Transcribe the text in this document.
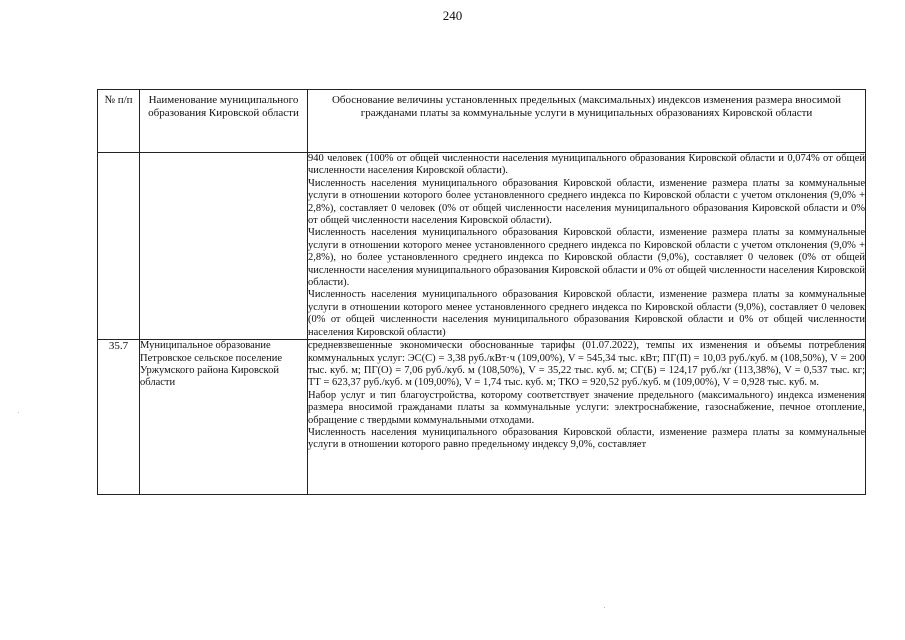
240
№ п/п	Наименование муниципального образования Кировской области	Обоснование величины установленных предельных (максимальных) индексов изменения размера вносимой гражданами платы за коммунальные услуги в муниципальных образованиях Кировской области

		940 человек (100% от общей численности населения муниципального образования Кировской области и 0,074% от общей численности населения Кировской области).

Численность населения муниципального образования Кировской области, изменение размера платы за коммунальные услуги в отношении которого более установленного среднего индекса по Кировской области с учетом отклонения (9,0% + 2,8%), составляет 0 человек (0% от общей численности населения муниципального образования Кировской области и 0% от общей численности населения Кировской области).

Численность населения муниципального образования Кировской области, изменение размера платы за коммунальные услуги в отношении которого менее установленного среднего индекса по Кировской области с учетом отклонения (9,0% + 2,8%), но более установленного среднего индекса по Кировской области (9,0%), составляет 0 человек (0% от общей численности населения муниципального образования Кировской области и 0% от общей численности населения Кировской области).

Численность населения муниципального образования Кировской области, изменение размера платы за коммунальные услуги в отношении которого менее установленного среднего индекса по Кировской области (9,0%), составляет 0 человек (0% от общей численности населения муниципального образования Кировской области и 0% от общей численности населения Кировской области)

35.7	Муниципальное образование Петровское сельское поселение Уржумского района Кировской области	средневзвешенные экономически обоснованные тарифы (01.07.2022), темпы их изменения и объемы потребления коммунальных услуг: ЭС(С) = 3,38 руб./кВт·ч (109,00%), V = 545,34 тыс. кВт; ПГ(П) = 10,03 руб./куб. м (108,50%), V = 200 тыс. куб. м; ПГ(О) = 7,06 руб./куб. м (108,50%), V = 35,22 тыс. куб. м; СГ(Б) = 124,17 руб./кг (113,38%), V = 0,537 тыс. кг; ТТ = 623,37 руб./куб. м (109,00%), V = 1,74 тыс. куб. м; ТКО = 920,52 руб./куб. м (109,00%), V = 0,928 тыс. куб. м.

Набор услуг и тип благоустройства, которому соответствует значение предельного (максимального) индекса изменения размера вносимой гражданами платы за коммунальные услуги: электроснабжение, газоснабжение, печное отопление, обращение с твердыми коммунальными отходами.

Численность населения муниципального образования Кировской области, изменение размера платы за коммунальные услуги в отношении которого равно предельному индексу 9,0%, составляет
